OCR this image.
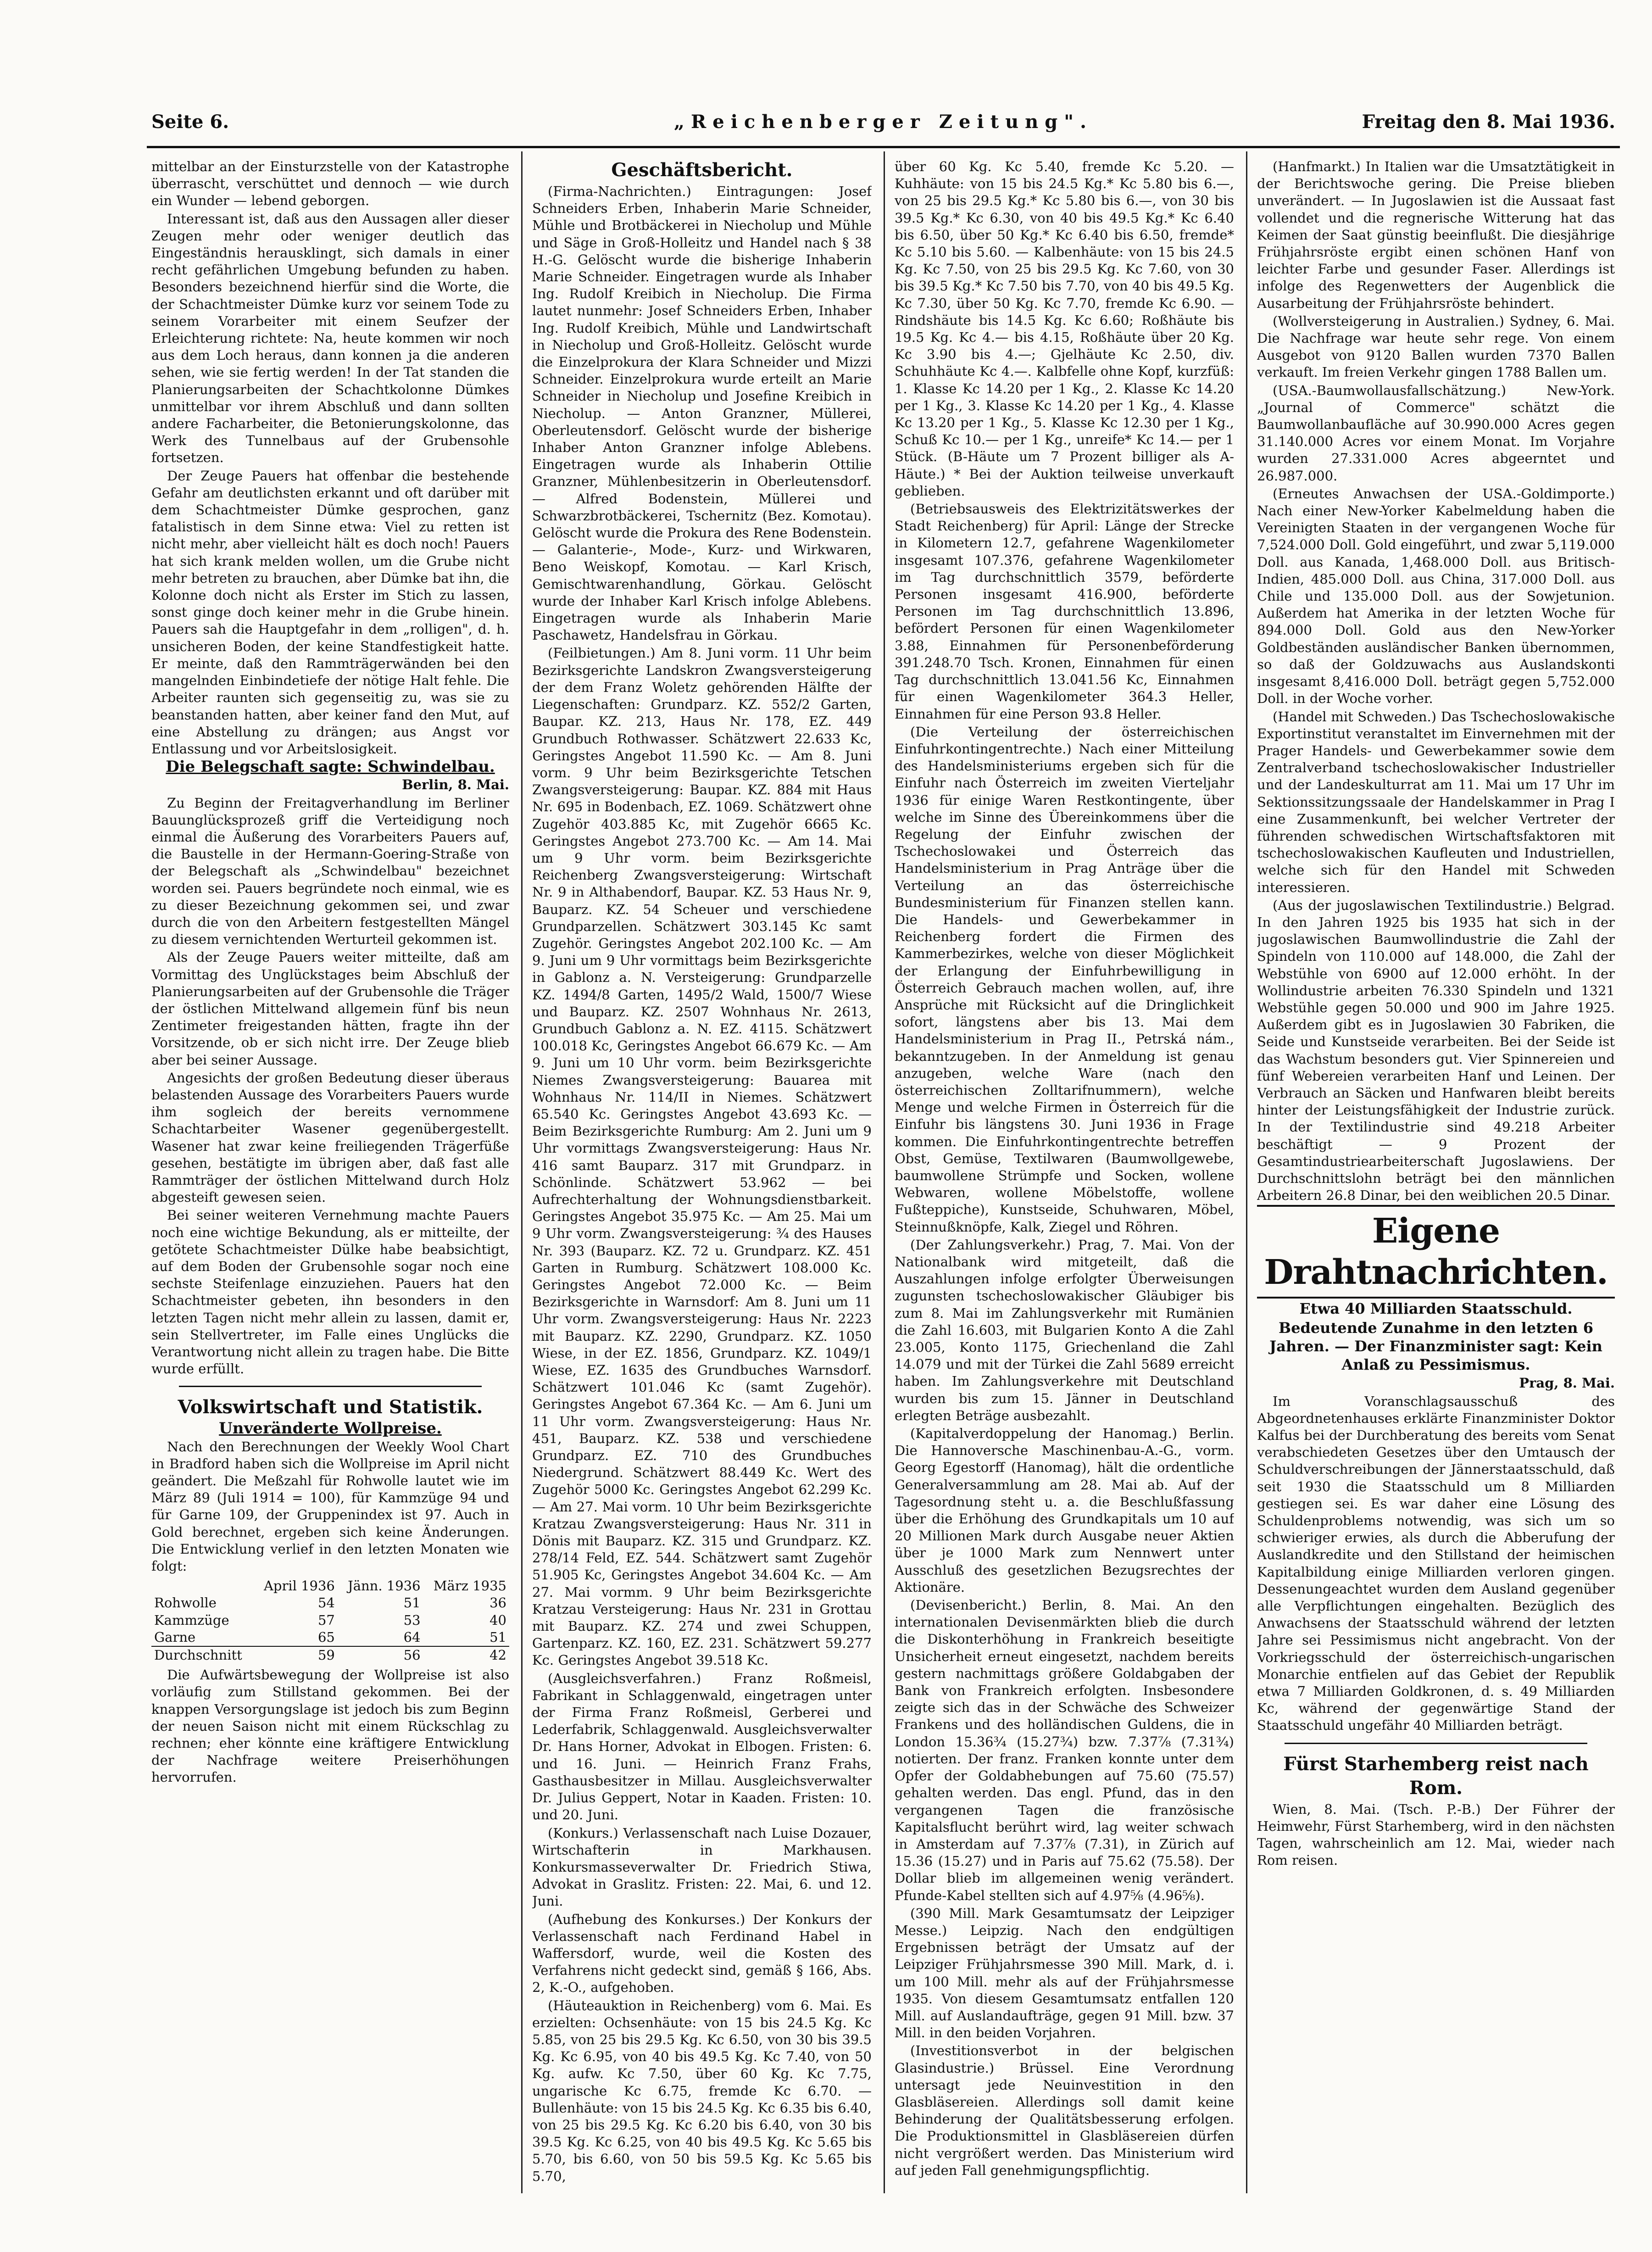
Seite 6.	„Reichenberger Zeitung".	Freitag den 8. Mai 1936.

mittelbar an der Einsturzstelle von der Katastrophe überrascht, verschüttet und dennoch — wie durch ein Wunder — lebend geborgen.

Interessant ist, daß aus den Aussagen aller dieser Zeugen mehr oder weniger deutlich das Eingeständnis herausklingt, sich damals in einer recht gefährlichen Umgebung befunden zu haben. Besonders bezeichnend hierfür sind die Worte, die der Schachtmeister Dümke kurz vor seinem Tode zu seinem Vorarbeiter mit einem Seufzer der Erleichterung richtete: Na, heute kommen wir noch aus dem Loch heraus, dann konnen ja die anderen sehen, wie sie fertig werden! In der Tat standen die Planierungsarbeiten der Schachtkolonne Dümkes unmittelbar vor ihrem Abschluß und dann sollten andere Facharbeiter, die Betonierungskolonne, das Werk des Tunnelbaus auf der Grubensohle fortsetzen.

Der Zeuge Pauers hat offenbar die bestehende Gefahr am deutlichsten erkannt und oft darüber mit dem Schachtmeister Dümke gesprochen, ganz fatalistisch in dem Sinne etwa: Viel zu retten ist nicht mehr, aber vielleicht hält es doch noch! Pauers hat sich krank melden wollen, um die Grube nicht mehr betreten zu brauchen, aber Dümke bat ihn, die Kolonne doch nicht als Erster im Stich zu lassen, sonst ginge doch keiner mehr in die Grube hinein. Pauers sah die Hauptgefahr in dem „rolligen", d. h. unsicheren Boden, der keine Standfestigkeit hatte. Er meinte, daß den Rammträgerwänden bei den mangelnden Einbindetiefe der nötige Halt fehle. Die Arbeiter raunten sich gegenseitig zu, was sie zu beanstanden hatten, aber keiner fand den Mut, auf eine Abstellung zu drängen; aus Angst vor Entlassung und vor Arbeitslosigkeit.

Die Belegschaft sagte: Schwindelbau.

Berlin, 8. Mai.

Zu Beginn der Freitagverhandlung im Berliner Bauunglücksprozeß griff die Verteidigung noch einmal die Äußerung des Vorarbeiters Pauers auf, die Baustelle in der Hermann-Goering-Straße von der Belegschaft als „Schwindelbau" bezeichnet worden sei. Pauers begründete noch einmal, wie es zu dieser Bezeichnung gekommen sei, und zwar durch die von den Arbeitern festgestellten Mängel zu diesem vernichtenden Werturteil gekommen ist.

Als der Zeuge Pauers weiter mitteilte, daß am Vormittag des Unglückstages beim Abschluß der Planierungsarbeiten auf der Grubensohle die Träger der östlichen Mittelwand allgemein fünf bis neun Zentimeter freigestanden hätten, fragte ihn der Vorsitzende, ob er sich nicht irre. Der Zeuge blieb aber bei seiner Aussage.

Angesichts der großen Bedeutung dieser überaus belastenden Aussage des Vorarbeiters Pauers wurde ihm sogleich der bereits vernommene Schachtarbeiter Wasener gegenübergestellt. Wasener hat zwar keine freiliegenden Trägerfüße gesehen, bestätigte im übrigen aber, daß fast alle Rammträger der östlichen Mittelwand durch Holz abgesteift gewesen seien.

Bei seiner weiteren Vernehmung machte Pauers noch eine wichtige Bekundung, als er mitteilte, der getötete Schachtmeister Dülke habe beabsichtigt, auf dem Boden der Grubensohle sogar noch eine sechste Steifenlage einzuziehen. Pauers hat den Schachtmeister gebeten, ihn besonders in den letzten Tagen nicht mehr allein zu lassen, damit er, sein Stellvertreter, im Falle eines Unglücks die Verantwortung nicht allein zu tragen habe. Die Bitte wurde erfüllt.

Volkswirtschaft und Statistik.

Unveränderte Wollpreise.

Nach den Berechnungen der Weekly Wool Chart in Bradford haben sich die Wollpreise im April nicht geändert. Die Meßzahl für Rohwolle lautet wie im März 89 (Juli 1914 = 100), für Kammzüge 94 und für Garne 109, der Gruppenindex ist 97. Auch in Gold berechnet, ergeben sich keine Änderungen. Die Entwicklung verlief in den letzten Monaten wie folgt:

	April 1936	Jänn. 1936	März 1935
Rohwolle	54	51	36
Kammzüge	57	53	40
Garne	65	64	51
Durchschnitt	59	56	42

Die Aufwärtsbewegung der Wollpreise ist also vorläufig zum Stillstand gekommen. Bei der knappen Versorgungslage ist jedoch bis zum Beginn der neuen Saison nicht mit einem Rückschlag zu rechnen; eher könnte eine kräftigere Entwicklung der Nachfrage weitere Preiserhöhungen hervorrufen.

Geschäftsbericht.

(Firma-Nachrichten.) Eintragungen: Josef Schneiders Erben, Inhaberin Marie Schneider, Mühle und Brotbäckerei in Niecholup und Mühle und Säge in Groß-Holleitz und Handel nach § 38 H.-G. Gelöscht wurde die bisherige Inhaberin Marie Schneider. Eingetragen wurde als Inhaber Ing. Rudolf Kreibich in Niecholup. Die Firma lautet nunmehr: Josef Schneiders Erben, Inhaber Ing. Rudolf Kreibich, Mühle und Landwirtschaft in Niecholup und Groß-Holleitz. Gelöscht wurde die Einzelprokura der Klara Schneider und Mizzi Schneider. Einzelprokura wurde erteilt an Marie Schneider in Niecholup und Josefine Kreibich in Niecholup. — Anton Granzner, Müllerei, Oberleutensdorf. Gelöscht wurde der bisherige Inhaber Anton Granzner infolge Ablebens. Eingetragen wurde als Inhaberin Ottilie Granzner, Mühlenbesitzerin in Oberleutensdorf. — Alfred Bodenstein, Müllerei und Schwarzbrotbäckerei, Tschernitz (Bez. Komotau). Gelöscht wurde die Prokura des Rene Bodenstein. — Galanterie-, Mode-, Kurz- und Wirkwaren, Beno Weiskopf, Komotau. — Karl Krisch, Gemischtwarenhandlung, Görkau. Gelöscht wurde der Inhaber Karl Krisch infolge Ablebens. Eingetragen wurde als Inhaberin Marie Paschawetz, Handelsfrau in Görkau.

(Feilbietungen.) Am 8. Juni vorm. 11 Uhr beim Bezirksgerichte Landskron Zwangsversteigerung der dem Franz Woletz gehörenden Hälfte der Liegenschaften: Grundparz. KZ. 552/2 Garten, Baupar. KZ. 213, Haus Nr. 178, EZ. 449 Grundbuch Rothwasser. Schätzwert 22.633 Kc, Geringstes Angebot 11.590 Kc. — Am 8. Juni vorm. 9 Uhr beim Bezirksgerichte Tetschen Zwangsversteigerung: Baupar. KZ. 884 mit Haus Nr. 695 in Bodenbach, EZ. 1069. Schätzwert ohne Zugehör 403.885 Kc, mit Zugehör 6665 Kc. Geringstes Angebot 273.700 Kc. — Am 14. Mai um 9 Uhr vorm. beim Bezirksgerichte Reichenberg Zwangsversteigerung: Wirtschaft Nr. 9 in Althabendorf, Baupar. KZ. 53 Haus Nr. 9, Bauparz. KZ. 54 Scheuer und verschiedene Grundparzellen. Schätzwert 303.145 Kc samt Zugehör. Geringstes Angebot 202.100 Kc. — Am 9. Juni um 9 Uhr vormittags beim Bezirksgerichte in Gablonz a. N. Versteigerung: Grundparzelle KZ. 1494/8 Garten, 1495/2 Wald, 1500/7 Wiese und Bauparz. KZ. 2507 Wohnhaus Nr. 2613, Grundbuch Gablonz a. N. EZ. 4115. Schätzwert 100.018 Kc, Geringstes Angebot 66.679 Kc. — Am 9. Juni um 10 Uhr vorm. beim Bezirksgerichte Niemes Zwangsversteigerung: Bauarea mit Wohnhaus Nr. 114/II in Niemes. Schätzwert 65.540 Kc. Geringstes Angebot 43.693 Kc. — Beim Bezirksgerichte Rumburg: Am 2. Juni um 9 Uhr vormittags Zwangsversteigerung: Haus Nr. 416 samt Bauparz. 317 mit Grundparz. in Schönlinde. Schätzwert 53.962 — bei Aufrechterhaltung der Wohnungsdienstbarkeit. Geringstes Angebot 35.975 Kc. — Am 25. Mai um 9 Uhr vorm. Zwangsversteigerung: ¾ des Hauses Nr. 393 (Bauparz. KZ. 72 u. Grundparz. KZ. 451 Garten in Rumburg. Schätzwert 108.000 Kc. Geringstes Angebot 72.000 Kc. — Beim Bezirksgerichte in Warnsdorf: Am 8. Juni um 11 Uhr vorm. Zwangsversteigerung: Haus Nr. 2223 mit Bauparz. KZ. 2290, Grundparz. KZ. 1050 Wiese, in der EZ. 1856, Grundparz. KZ. 1049/1 Wiese, EZ. 1635 des Grundbuches Warnsdorf. Schätzwert 101.046 Kc (samt Zugehör). Geringstes Angebot 67.364 Kc. — Am 6. Juni um 11 Uhr vorm. Zwangsversteigerung: Haus Nr. 451, Bauparz. KZ. 538 und verschiedene Grundparz. EZ. 710 des Grundbuches Niedergrund. Schätzwert 88.449 Kc. Wert des Zugehör 5000 Kc. Geringstes Angebot 62.299 Kc. — Am 27. Mai vorm. 10 Uhr beim Bezirksgerichte Kratzau Zwangsversteigerung: Haus Nr. 311 in Dönis mit Bauparz. KZ. 315 und Grundparz. KZ. 278/14 Feld, EZ. 544. Schätzwert samt Zugehör 51.905 Kc, Geringstes Angebot 34.604 Kc. — Am 27. Mai vormm. 9 Uhr beim Bezirksgerichte Kratzau Versteigerung: Haus Nr. 231 in Grottau mit Bauparz. KZ. 274 und zwei Schuppen, Gartenparz. KZ. 160, EZ. 231. Schätzwert 59.277 Kc. Geringstes Angebot 39.518 Kc.

(Ausgleichsverfahren.) Franz Roßmeisl, Fabrikant in Schlaggenwald, eingetragen unter der Firma Franz Roßmeisl, Gerberei und Lederfabrik, Schlaggenwald. Ausgleichsverwalter Dr. Hans Horner, Advokat in Elbogen. Fristen: 6. und 16. Juni. — Heinrich Franz Frahs, Gasthausbesitzer in Millau. Ausgleichsverwalter Dr. Julius Geppert, Notar in Kaaden. Fristen: 10. und 20. Juni.

(Konkurs.) Verlassenschaft nach Luise Dozauer, Wirtschafterin in Markhausen. Konkursmasseverwalter Dr. Friedrich Stiwa, Advokat in Graslitz. Fristen: 22. Mai, 6. und 12. Juni.

(Aufhebung des Konkurses.) Der Konkurs der Verlassenschaft nach Ferdinand Habel in Waffersdorf, wurde, weil die Kosten des Verfahrens nicht gedeckt sind, gemäß § 166, Abs. 2, K.-O., aufgehoben.

(Häuteauktion in Reichenberg) vom 6. Mai. Es erzielten: Ochsenhäute: von 15 bis 24.5 Kg. Kc 5.85, von 25 bis 29.5 Kg. Kc 6.50, von 30 bis 39.5 Kg. Kc 6.95, von 40 bis 49.5 Kg. Kc 7.40, von 50 Kg. aufw. Kc 7.50, über 60 Kg. Kc 7.75, ungarische Kc 6.75, fremde Kc 6.70. — Bullenhäute: von 15 bis 24.5 Kg. Kc 6.35 bis 6.40, von 25 bis 29.5 Kg. Kc 6.20 bis 6.40, von 30 bis 39.5 Kg. Kc 6.25, von 40 bis 49.5 Kg. Kc 5.65 bis 5.70, bis 6.60, von 50 bis 59.5 Kg. Kc 5.65 bis 5.70,

über 60 Kg. Kc 5.40, fremde Kc 5.20. — Kuhhäute: von 15 bis 24.5 Kg.* Kc 5.80 bis 6.—, von 25 bis 29.5 Kg.* Kc 5.80 bis 6.—, von 30 bis 39.5 Kg.* Kc 6.30, von 40 bis 49.5 Kg.* Kc 6.40 bis 6.50, über 50 Kg.* Kc 6.40 bis 6.50, fremde* Kc 5.10 bis 5.60. — Kalbenhäute: von 15 bis 24.5 Kg. Kc 7.50, von 25 bis 29.5 Kg. Kc 7.60, von 30 bis 39.5 Kg.* Kc 7.50 bis 7.70, von 40 bis 49.5 Kg. Kc 7.30, über 50 Kg. Kc 7.70, fremde Kc 6.90. — Rindshäute bis 14.5 Kg. Kc 6.60; Roßhäute bis 19.5 Kg. Kc 4.— bis 4.15, Roßhäute über 20 Kg. Kc 3.90 bis 4.—; Gjelhäute Kc 2.50, div. Schuhhäute Kc 4.—. Kalbfelle ohne Kopf, kurzfüß: 1. Klasse Kc 14.20 per 1 Kg., 2. Klasse Kc 14.20 per 1 Kg., 3. Klasse Kc 14.20 per 1 Kg., 4. Klasse Kc 13.20 per 1 Kg., 5. Klasse Kc 12.30 per 1 Kg., Schuß Kc 10.— per 1 Kg., unreife* Kc 14.— per 1 Stück. (B-Häute um 7 Prozent billiger als A-Häute.) * Bei der Auktion teilweise unverkauft geblieben.

(Betriebsausweis des Elektrizitätswerkes der Stadt Reichenberg) für April: Länge der Strecke in Kilometern 12.7, gefahrene Wagenkilometer insgesamt 107.376, gefahrene Wagenkilometer im Tag durchschnittlich 3579, beförderte Personen insgesamt 416.900, beförderte Personen im Tag durchschnittlich 13.896, befördert Personen für einen Wagenkilometer 3.88, Einnahmen für Personenbeförderung 391.248.70 Tsch. Kronen, Einnahmen für einen Tag durchschnittlich 13.041.56 Kc, Einnahmen für einen Wagenkilometer 364.3 Heller, Einnahmen für eine Person 93.8 Heller.

(Die Verteilung der österreichischen Einfuhrkontingentrechte.) Nach einer Mitteilung des Handelsministeriums ergeben sich für die Einfuhr nach Österreich im zweiten Vierteljahr 1936 für einige Waren Restkontingente, über welche im Sinne des Übereinkommens über die Regelung der Einfuhr zwischen der Tschechoslowakei und Österreich das Handelsministerium in Prag Anträge über die Verteilung an das österreichische Bundesministerium für Finanzen stellen kann. Die Handels- und Gewerbekammer in Reichenberg fordert die Firmen des Kammerbezirkes, welche von dieser Möglichkeit der Erlangung der Einfuhrbewilligung in Österreich Gebrauch machen wollen, auf, ihre Ansprüche mit Rücksicht auf die Dringlichkeit sofort, längstens aber bis 13. Mai dem Handelsministerium in Prag II., Petrská nám., bekanntzugeben. In der Anmeldung ist genau anzugeben, welche Ware (nach den österreichischen Zolltarifnummern), welche Menge und welche Firmen in Österreich für die Einfuhr bis längstens 30. Juni 1936 in Frage kommen. Die Einfuhrkontingentrechte betreffen Obst, Gemüse, Textilwaren (Baumwollgewebe, baumwollene Strümpfe und Socken, wollene Webwaren, wollene Möbelstoffe, wollene Fußteppiche), Kunstseide, Schuhwaren, Möbel, Steinnußknöpfe, Kalk, Ziegel und Röhren.

(Der Zahlungsverkehr.) Prag, 7. Mai. Von der Nationalbank wird mitgeteilt, daß die Auszahlungen infolge erfolgter Überweisungen zugunsten tschechoslowakischer Gläubiger bis zum 8. Mai im Zahlungsverkehr mit Rumänien die Zahl 16.603, mit Bulgarien Konto A die Zahl 23.005, Konto 1175, Griechenland die Zahl 14.079 und mit der Türkei die Zahl 5689 erreicht haben. Im Zahlungsverkehre mit Deutschland wurden bis zum 15. Jänner in Deutschland erlegten Beträge ausbezahlt.

(Kapitalverdoppelung der Hanomag.) Berlin. Die Hannoversche Maschinenbau-A.-G., vorm. Georg Egestorff (Hanomag), hält die ordentliche Generalversammlung am 28. Mai ab. Auf der Tagesordnung steht u. a. die Beschlußfassung über die Erhöhung des Grundkapitals um 10 auf 20 Millionen Mark durch Ausgabe neuer Aktien über je 1000 Mark zum Nennwert unter Ausschluß des gesetzlichen Bezugsrechtes der Aktionäre.

(Devisenbericht.) Berlin, 8. Mai. An den internationalen Devisenmärkten blieb die durch die Diskonterhöhung in Frankreich beseitigte Unsicherheit erneut eingesetzt, nachdem bereits gestern nachmittags größere Goldabgaben der Bank von Frankreich erfolgten. Insbesondere zeigte sich das in der Schwäche des Schweizer Frankens und des holländischen Guldens, die in London 15.36¾ (15.27¾) bzw. 7.37⅞ (7.31¾) notierten. Der franz. Franken konnte unter dem Opfer der Goldabhebungen auf 75.60 (75.57) gehalten werden. Das engl. Pfund, das in den vergangenen Tagen die französische Kapitalsflucht berührt wird, lag weiter schwach in Amsterdam auf 7.37⅞ (7.31), in Zürich auf 15.36 (15.27) und in Paris auf 75.62 (75.58). Der Dollar blieb im allgemeinen wenig verändert. Pfunde-Kabel stellten sich auf 4.97⅝ (4.96⅝).

(390 Mill. Mark Gesamtumsatz der Leipziger Messe.) Leipzig. Nach den endgültigen Ergebnissen beträgt der Umsatz auf der Leipziger Frühjahrsmesse 390 Mill. Mark, d. i. um 100 Mill. mehr als auf der Frühjahrsmesse 1935. Von diesem Gesamtumsatz entfallen 120 Mill. auf Auslandaufträge, gegen 91 Mill. bzw. 37 Mill. in den beiden Vorjahren.

(Investitionsverbot in der belgischen Glasindustrie.) Brüssel. Eine Verordnung untersagt jede Neuinvestition in den Glasbläsereien. Allerdings soll damit keine Behinderung der Qualitätsbesserung erfolgen. Die Produktionsmittel in Glasbläsereien dürfen nicht vergrößert werden. Das Ministerium wird auf jeden Fall genehmigungspflichtig.

(Hanfmarkt.) In Italien war die Umsatztätigkeit in der Berichtswoche gering. Die Preise blieben unverändert. — In Jugoslawien ist die Aussaat fast vollendet und die regnerische Witterung hat das Keimen der Saat günstig beeinflußt. Die diesjährige Frühjahrsröste ergibt einen schönen Hanf von leichter Farbe und gesunder Faser. Allerdings ist infolge des Regenwetters der Augenblick die Ausarbeitung der Frühjahrsröste behindert.

(Wollversteigerung in Australien.) Sydney, 6. Mai. Die Nachfrage war heute sehr rege. Von einem Ausgebot von 9120 Ballen wurden 7370 Ballen verkauft. Im freien Verkehr gingen 1788 Ballen um.

(USA.-Baumwollausfallschätzung.) New-York. „Journal of Commerce" schätzt die Baumwollanbaufläche auf 30.990.000 Acres gegen 31.140.000 Acres vor einem Monat. Im Vorjahre wurden 27.331.000 Acres abgeerntet und 26.987.000.

(Erneutes Anwachsen der USA.-Goldimporte.) Nach einer New-Yorker Kabelmeldung haben die Vereinigten Staaten in der vergangenen Woche für 7,524.000 Doll. Gold eingeführt, und zwar 5,119.000 Doll. aus Kanada, 1,468.000 Doll. aus Britisch-Indien, 485.000 Doll. aus China, 317.000 Doll. aus Chile und 135.000 Doll. aus der Sowjetunion. Außerdem hat Amerika in der letzten Woche für 894.000 Doll. Gold aus den New-Yorker Goldbeständen ausländischer Banken übernommen, so daß der Goldzuwachs aus Auslandskonti insgesamt 8,416.000 Doll. beträgt gegen 5,752.000 Doll. in der Woche vorher.

(Handel mit Schweden.) Das Tschechoslowakische Exportinstitut veranstaltet im Einvernehmen mit der Prager Handels- und Gewerbekammer sowie dem Zentralverband tschechoslowakischer Industrieller und der Landeskulturrat am 11. Mai um 17 Uhr im Sektionssitzungssaale der Handelskammer in Prag I eine Zusammenkunft, bei welcher Vertreter der führenden schwedischen Wirtschaftsfaktoren mit tschechoslowakischen Kaufleuten und Industriellen, welche sich für den Handel mit Schweden interessieren.

(Aus der jugoslawischen Textilindustrie.) Belgrad. In den Jahren 1925 bis 1935 hat sich in der jugoslawischen Baumwollindustrie die Zahl der Spindeln von 110.000 auf 148.000, die Zahl der Webstühle von 6900 auf 12.000 erhöht. In der Wollindustrie arbeiten 76.330 Spindeln und 1321 Webstühle gegen 50.000 und 900 im Jahre 1925. Außerdem gibt es in Jugoslawien 30 Fabriken, die Seide und Kunstseide verarbeiten. Bei der Seide ist das Wachstum besonders gut. Vier Spinnereien und fünf Webereien verarbeiten Hanf und Leinen. Der Verbrauch an Säcken und Hanfwaren bleibt bereits hinter der Leistungsfähigkeit der Industrie zurück. In der Textilindustrie sind 49.218 Arbeiter beschäftigt — 9 Prozent der Gesamtindustriearbeiterschaft Jugoslawiens. Der Durchschnittslohn beträgt bei den männlichen Arbeitern 26.8 Dinar, bei den weiblichen 20.5 Dinar.

Eigene Drahtnachrichten.

Etwa 40 Milliarden Staatsschuld.

Bedeutende Zunahme in den letzten 6 Jahren. — Der Finanzminister sagt: Kein Anlaß zu Pessimismus.

Prag, 8. Mai.

Im Voranschlagsausschuß des Abgeordnetenhauses erklärte Finanzminister Doktor Kalfus bei der Durchberatung des bereits vom Senat verabschiedeten Gesetzes über den Umtausch der Schuldverschreibungen der Jännerstaatsschuld, daß seit 1930 die Staatsschuld um 8 Milliarden gestiegen sei. Es war daher eine Lösung des Schuldenproblems notwendig, was sich um so schwieriger erwies, als durch die Abberufung der Auslandkredite und den Stillstand der heimischen Kapitalbildung einige Milliarden verloren gingen. Dessenungeachtet wurden dem Ausland gegenüber alle Verpflichtungen eingehalten. Bezüglich des Anwachsens der Staatsschuld während der letzten Jahre sei Pessimismus nicht angebracht. Von der Vorkriegsschuld der österreichisch-ungarischen Monarchie entfielen auf das Gebiet der Republik etwa 7 Milliarden Goldkronen, d. s. 49 Milliarden Kc, während der gegenwärtige Stand der Staatsschuld ungefähr 40 Milliarden beträgt.

Fürst Starhemberg reist nach Rom.

Wien, 8. Mai. (Tsch. P.-B.) Der Führer der Heimwehr, Fürst Starhemberg, wird in den nächsten Tagen, wahrscheinlich am 12. Mai, wieder nach Rom reisen.
